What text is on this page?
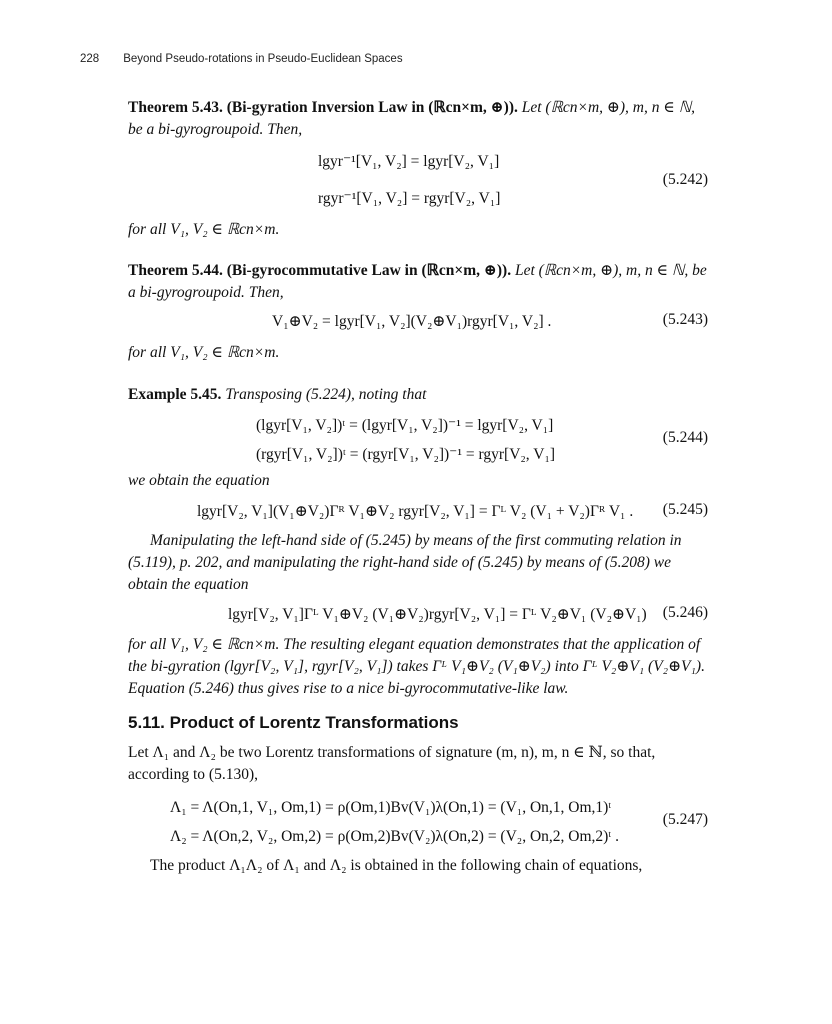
228 Beyond Pseudo-rotations in Pseudo-Euclidean Spaces
Theorem 5.43. (Bi-gyration Inversion Law in (ℝcn×m, ⊕)). Let (ℝcn×m, ⊕), m, n ∈ ℕ, be a bi-gyrogroupoid. Then,
lgyr⁻¹[V₁, V₂] = lgyr[V₂, V₁]
rgyr⁻¹[V₁, V₂] = rgyr[V₂, V₁]
(5.242)
for all V₁, V₂ ∈ ℝcn×m.
Theorem 5.44. (Bi-gyrocommutative Law in (ℝcn×m, ⊕)). Let (ℝcn×m, ⊕), m, n ∈ ℕ, be a bi-gyrogroupoid. Then,
V₁⊕V₂ = lgyr[V₁, V₂](V₂⊕V₁)rgyr[V₁, V₂] .	(5.243)
for all V₁, V₂ ∈ ℝcn×m.
Example 5.45. Transposing (5.224), noting that
(lgyr[V₁, V₂])ᵗ = (lgyr[V₁, V₂])⁻¹ = lgyr[V₂, V₁]
(rgyr[V₁, V₂])ᵗ = (rgyr[V₁, V₂])⁻¹ = rgyr[V₂, V₁]
(5.244)
we obtain the equation
lgyr[V₂, V₁](V₁⊕V₂)Γᴿ V₁⊕V₂ rgyr[V₂, V₁] = Γᴸ V₂ (V₁ + V₂)Γᴿ V₁ . (5.245)
Manipulating the left-hand side of (5.245) by means of the first commuting relation in (5.119), p. 202, and manipulating the right-hand side of (5.245) by means of (5.208) we obtain the equation
lgyr[V₂, V₁]Γᴸ V₁⊕V₂ (V₁⊕V₂)rgyr[V₂, V₁] = Γᴸ V₂⊕V₁ (V₂⊕V₁) (5.246)
for all V₁, V₂ ∈ ℝcn×m. The resulting elegant equation demonstrates that the application of the bi-gyration (lgyr[V₂, V₁], rgyr[V₂, V₁]) takes Γᴸ V₁⊕V₂ (V₁⊕V₂) into Γᴸ V₂⊕V₁ (V₂⊕V₁). Equation (5.246) thus gives rise to a nice bi-gyrocommutative-like law.
5.11. Product of Lorentz Transformations
Let Λ₁ and Λ₂ be two Lorentz transformations of signature (m, n), m, n ∈ ℕ, so that, according to (5.130),
Λ₁ = Λ(On,1, V₁, Om,1) = ρ(Om,1)Bv(V₁)λ(On,1) = (V₁, On,1, Om,1)ᵗ
Λ₂ = Λ(On,2, V₂, Om,2) = ρ(Om,2)Bv(V₂)λ(On,2) = (V₂, On,2, Om,2)ᵗ .
(5.247)
The product Λ₁Λ₂ of Λ₁ and Λ₂ is obtained in the following chain of equations,
